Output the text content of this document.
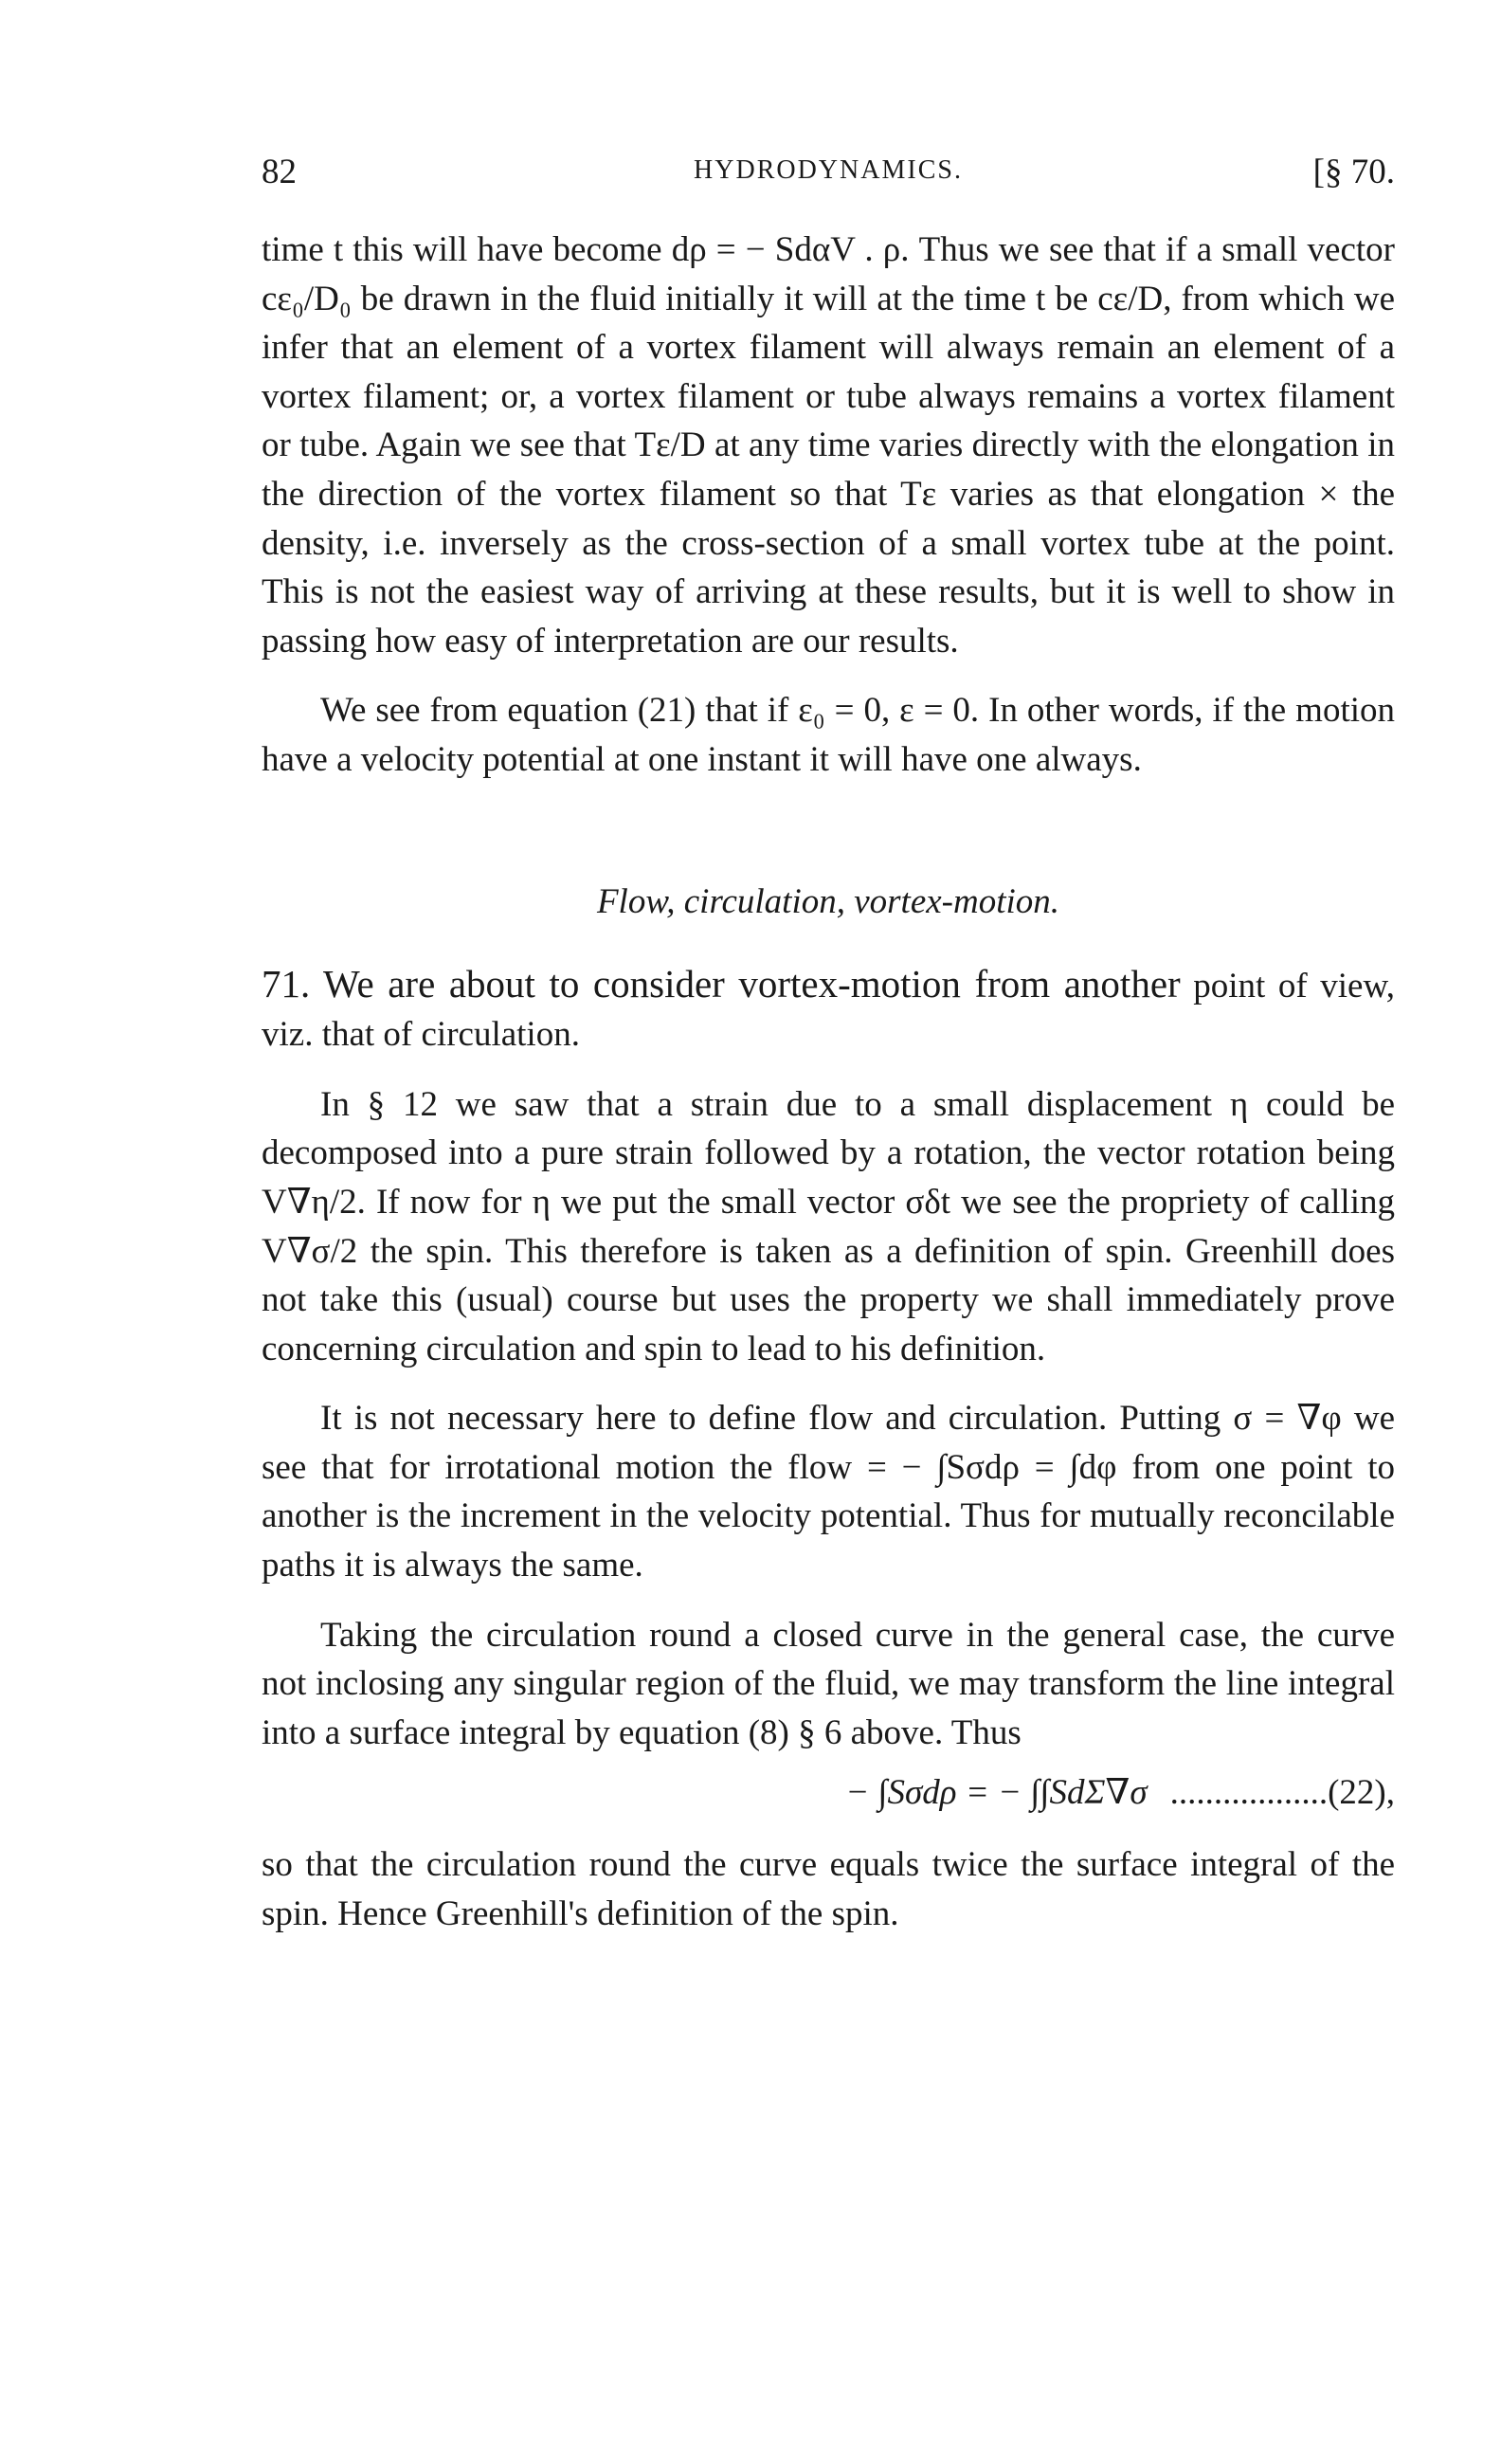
82	HYDRODYNAMICS.	[§ 70.

time t this will have become dρ = − SdαV . ρ. Thus we see that if a small vector cε₀/D₀ be drawn in the fluid initially it will at the time t be cε/D, from which we infer that an element of a vortex filament will always remain an element of a vortex filament; or, a vortex filament or tube always remains a vortex filament or tube. Again we see that Tε/D at any time varies directly with the elongation in the direction of the vortex filament so that Tε varies as that elongation × the density, i.e. inversely as the cross-section of a small vortex tube at the point. This is not the easiest way of arriving at these results, but it is well to show in passing how easy of interpretation are our results.

We see from equation (21) that if ε₀ = 0, ε = 0. In other words, if the motion have a velocity potential at one instant it will have one always.

Flow, circulation, vortex-motion.

71. We are about to consider vortex-motion from another point of view, viz. that of circulation.

In § 12 we saw that a strain due to a small displacement η could be decomposed into a pure strain followed by a rotation, the vector rotation being V∇η/2. If now for η we put the small vector σδt we see the propriety of calling V∇σ/2 the spin. This therefore is taken as a definition of spin. Greenhill does not take this (usual) course but uses the property we shall immediately prove concerning circulation and spin to lead to his definition.

It is not necessary here to define flow and circulation. Putting σ = ∇φ we see that for irrotational motion the flow = − ∫Sσdρ = ∫dφ from one point to another is the increment in the velocity potential. Thus for mutually reconcilable paths it is always the same.

Taking the circulation round a closed curve in the general case, the curve not inclosing any singular region of the fluid, we may transform the line integral into a surface integral by equation (8) § 6 above. Thus

− ∫Sσdρ = − ∫∫SdΣ∇σ ..................(22),

so that the circulation round the curve equals twice the surface integral of the spin. Hence Greenhill's definition of the spin.
